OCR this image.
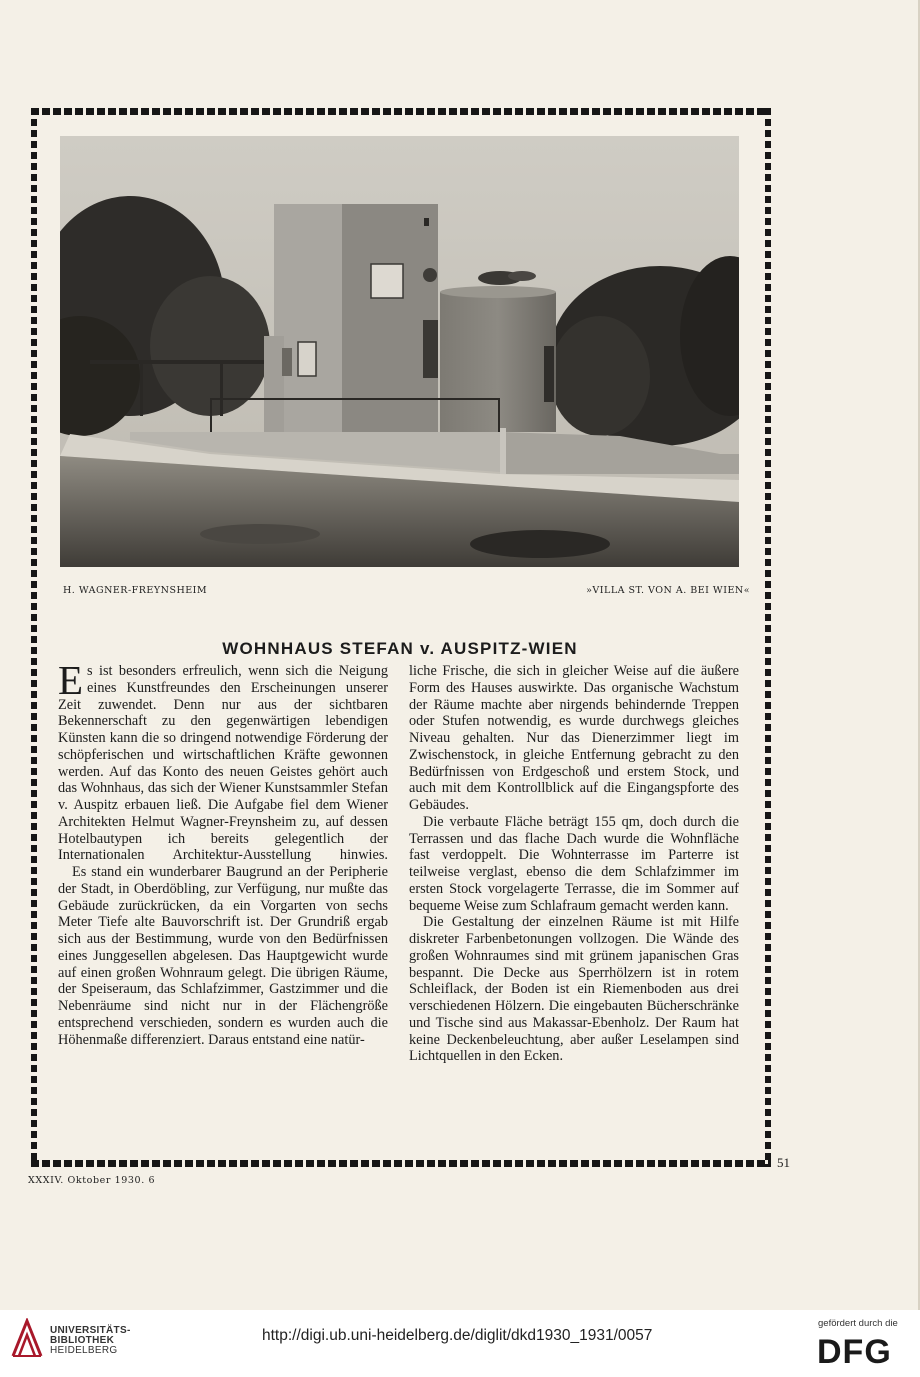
H. WAGNER-FREYNSHEIM	»VILLA ST. VON A. BEI WIEN«
WOHNHAUS STEFAN v. AUSPITZ-WIEN

Es ist besonders erfreulich, wenn sich die Neigung eines Kunstfreundes den Erscheinungen unserer Zeit zuwendet. Denn nur aus der sichtbaren Bekennerschaft zu den gegenwärtigen lebendigen Künsten kann die so dringend notwendige Förderung der schöpferischen und wirtschaftlichen Kräfte gewonnen werden. Auf das Konto des neuen Geistes gehört auch das Wohnhaus, das sich der Wiener Kunstsammler Stefan v. Auspitz erbauen ließ. Die Aufgabe fiel dem Wiener Architekten Helmut Wagner-Freynsheim zu, auf dessen Hotelbautypen ich bereits gelegentlich der Internationalen Architektur-Ausstellung hinwies.

Es stand ein wunderbarer Baugrund an der Peripherie der Stadt, in Oberdöbling, zur Verfügung, nur mußte das Gebäude zurückrücken, da ein Vorgarten von sechs Meter Tiefe alte Bauvorschrift ist. Der Grundriß ergab sich aus der Bestimmung, wurde von den Bedürfnissen eines Junggesellen abgelesen. Das Hauptgewicht wurde auf einen großen Wohnraum gelegt. Die übrigen Räume, der Speiseraum, das Schlafzimmer, Gastzimmer und die Nebenräume sind nicht nur in der Flächengröße entsprechend verschieden, sondern es wurden auch die Höhenmaße differenziert. Daraus entstand eine natür-

liche Frische, die sich in gleicher Weise auf die äußere Form des Hauses auswirkte. Das organische Wachstum der Räume machte aber nirgends behindernde Treppen oder Stufen notwendig, es wurde durchwegs gleiches Niveau gehalten. Nur das Dienerzimmer liegt im Zwischenstock, in gleiche Entfernung gebracht zu den Bedürfnissen von Erdgeschoß und erstem Stock, und auch mit dem Kontrollblick auf die Eingangspforte des Gebäudes.

Die verbaute Fläche beträgt 155 qm, doch durch die Terrassen und das flache Dach wurde die Wohnfläche fast verdoppelt. Die Wohnterrasse im Parterre ist teilweise verglast, ebenso die dem Schlafzimmer im ersten Stock vorgelagerte Terrasse, die im Sommer auf bequeme Weise zum Schlafraum gemacht werden kann.

Die Gestaltung der einzelnen Räume ist mit Hilfe diskreter Farbenbetonungen vollzogen. Die Wände des großen Wohnraumes sind mit grünem japanischen Gras bespannt. Die Decke aus Sperrhölzern ist in rotem Schleiflack, der Boden ist ein Riemenboden aus drei verschiedenen Hölzern. Die eingebauten Bücherschränke und Tische sind aus Makassar-Ebenholz. Der Raum hat keine Deckenbeleuchtung, aber außer Leselampen sind Lichtquellen in den Ecken.

51
XXXIV. Oktober 1930. 6
UNIVERSITÄTS-
BIBLIOTHEK
HEIDELBERG
http://digi.ub.uni-heidelberg.de/diglit/dkd1930_1931/0057
gefördert durch die
DFG
